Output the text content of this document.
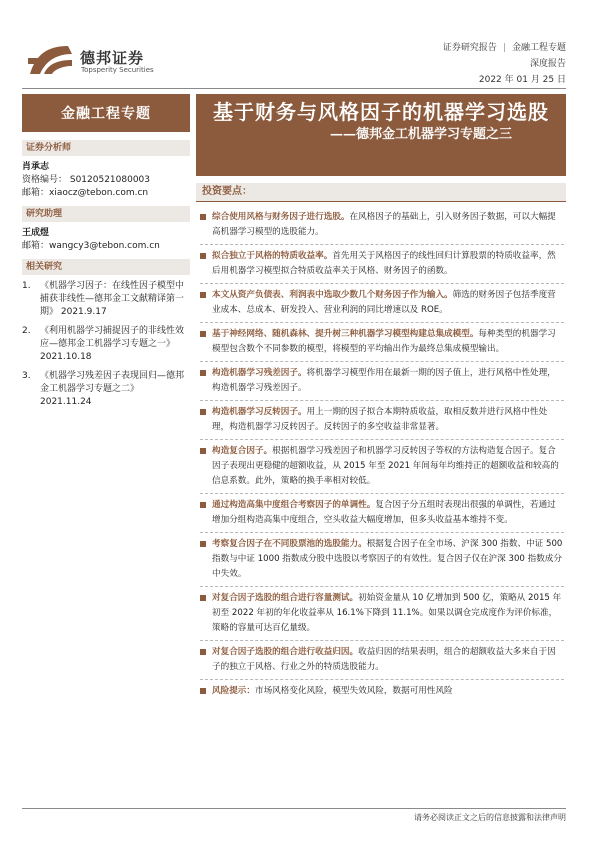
德邦证券
Topsperity Securities
证券研究报告 | 金融工程专题
深度报告
2022 年 01 月 25 日
金融工程专题
证券分析师
肖承志
资格编号： S0120521080003
邮箱：xiaocz@tebon.com.cn
研究助理
王成煜
邮箱：wangcy3@tebon.com.cn
相关研究
1.	《机器学习因子：在线性因子模型中捕获非线性—德邦金工文献精译第一期》 2021.9.17
2.	《利用机器学习捕捉因子的非线性效应—德邦金工机器学习专题之一》 2021.10.18
3.	《机器学习残差因子表现回归—德邦金工机器学习专题之二》 2021.11.24
基于财务与风格因子的机器学习选股
——德邦金工机器学习专题之三
投资要点：
综合使用风格与财务因子进行选股。在风格因子的基础上，引入财务因子数据，可以大幅提高机器学习模型的选股能力。
拟合独立于风格的特质收益率。首先用关于风格因子的线性回归计算股票的特质收益率，然后用机器学习模型拟合特质收益率关于风格、财务因子的函数。
本文从资产负债表、利润表中选取少数几个财务因子作为输入。筛选的财务因子包括季度营业成本、总成本、研发投入、营业利润的同比增速以及 ROE。
基于神经网络、随机森林、提升树三种机器学习模型构建总集成模型。每种类型的机器学习模型包含数个不同参数的模型，将模型的平均输出作为最终总集成模型输出。
构造机器学习残差因子。将机器学习模型作用在最新一期的因子值上，进行风格中性处理，构造机器学习残差因子。
构造机器学习反转因子。用上一期的因子拟合本期特质收益，取相反数并进行风格中性处理，构造机器学习反转因子。反转因子的多空收益非常显著。
构造复合因子。根据机器学习残差因子和机器学习反转因子等权的方法构造复合因子。复合因子表现出更稳健的超额收益，从 2015 年至 2021 年间每年均维持正的超额收益和较高的信息系数。此外，策略的换手率相对较低。
通过构造高集中度组合考察因子的单调性。复合因子分五组时表现出很强的单调性，若通过增加分组构造高集中度组合，空头收益大幅度增加，但多头收益基本维持不变。
考察复合因子在不同股票池的选股能力。根据复合因子在全市场、沪深 300 指数、中证 500 指数与中证 1000 指数成分股中选股以考察因子的有效性。复合因子仅在沪深 300 指数成分中失效。
对复合因子选股的组合进行容量测试。初始资金量从 10 亿增加到 500 亿，策略从 2015 年初至 2022 年初的年化收益率从 16.1%下降到 11.1%。如果以调仓完成度作为评价标准，策略的容量可达百亿量级。
对复合因子选股的组合进行收益归因。收益归因的结果表明，组合的超额收益大多来自于因子的独立于风格、行业之外的特质选股能力。
风险提示：市场风格变化风险，模型失效风险，数据可用性风险
请务必阅读正文之后的信息披露和法律声明
